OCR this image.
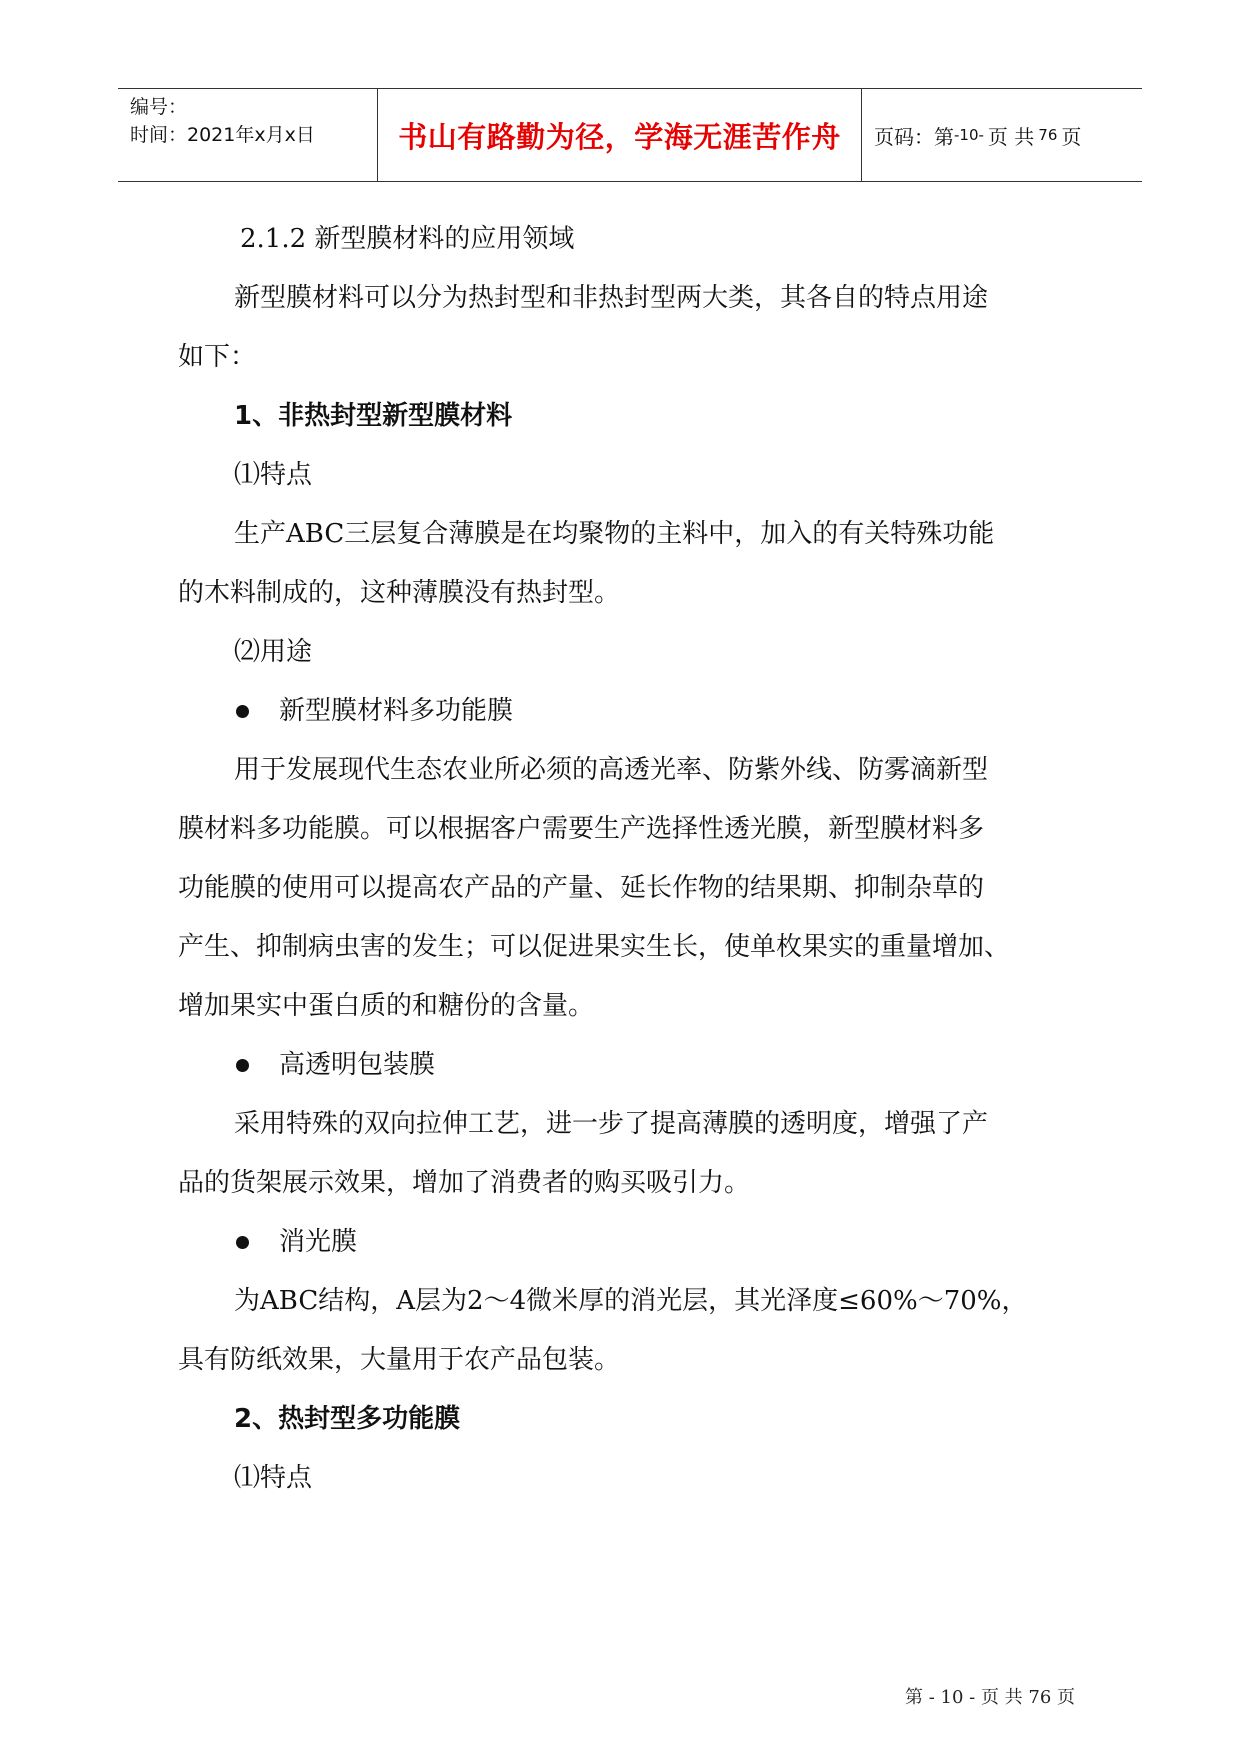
编号：
时间：2021年x月x日	书山有路勤为径，学海无涯苦作舟 页码：第 -10- 页 共 76 页
2.1.2 新型膜材料的应用领域
新型膜材料可以分为热封型和非热封型两大类，其各自的特点用途
如下：
1、非热封型新型膜材料
⑴特点
生产ABC三层复合薄膜是在均聚物的主料中，加入的有关特殊功能
的木料制成的，这种薄膜没有热封型。
⑵用途
新型膜材料多功能膜
用于发展现代生态农业所必须的高透光率、防紫外线、防雾滴新型
膜材料多功能膜。可以根据客户需要生产选择性透光膜，新型膜材料多
功能膜的使用可以提高农产品的产量、延长作物的结果期、抑制杂草的
产生、抑制病虫害的发生；可以促进果实生长，使单枚果实的重量增加、
增加果实中蛋白质的和糖份的含量。
高透明包装膜
采用特殊的双向拉伸工艺，进一步了提高薄膜的透明度，增强了产
品的货架展示效果，增加了消费者的购买吸引力。
消光膜
为ABC结构，A层为2～4微米厚的消光层，其光泽度≤60%～70%，
具有防纸效果，大量用于农产品包装。
2、热封型多功能膜
⑴特点
第 - 10 - 页 共 76 页
